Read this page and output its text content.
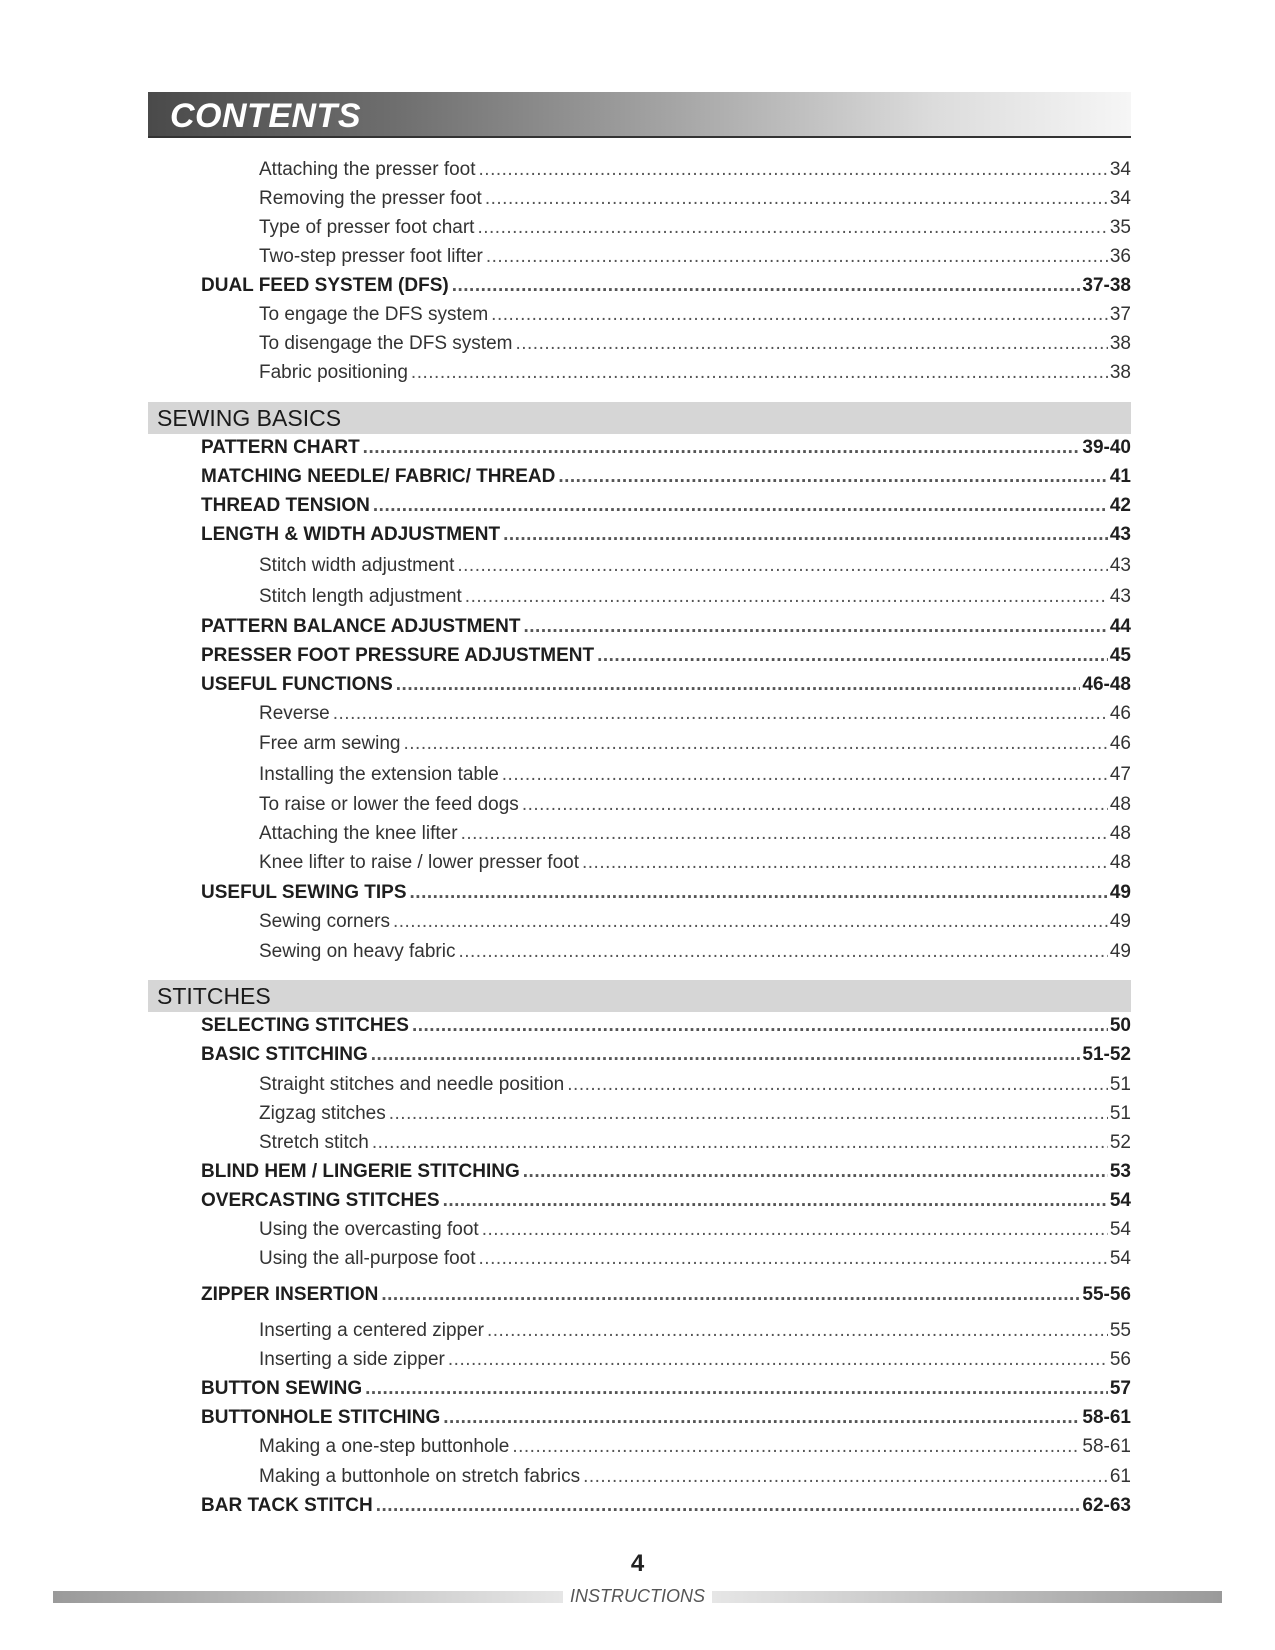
CONTENTS
Attaching the presser foot .....	34
Removing the presser foot .....	34
Type of presser foot chart .....	35
Two-step presser foot lifter .....	36
DUAL FEED SYSTEM (DFS) .....	37-38
To engage the DFS system .....	37
To disengage the DFS system .....	38
Fabric positioning .....	38
SEWING BASICS
PATTERN CHART .....	39-40
MATCHING NEEDLE/ FABRIC/ THREAD .....	41
THREAD TENSION .....	42
LENGTH & WIDTH ADJUSTMENT .....	43
Stitch width adjustment .....	43
Stitch length adjustment .....	43
PATTERN BALANCE ADJUSTMENT .....	44
PRESSER FOOT PRESSURE ADJUSTMENT .....	45
USEFUL FUNCTIONS .....	46-48
Reverse .....	46
Free arm sewing .....	46
Installing the extension table .....	47
To raise or lower the feed dogs .....	48
Attaching the knee lifter .....	48
Knee lifter to raise / lower presser foot .....	48
USEFUL SEWING TIPS .....	49
Sewing corners .....	49
Sewing on heavy fabric .....	49
STITCHES
SELECTING STITCHES .....	50
BASIC STITCHING .....	51-52
Straight stitches and needle position .....	51
Zigzag stitches .....	51
Stretch stitch .....	52
BLIND HEM / LINGERIE STITCHING .....	53
OVERCASTING STITCHES .....	54
Using the overcasting foot .....	54
Using the all-purpose foot .....	54
ZIPPER INSERTION .....	55-56
Inserting a centered zipper .....	55
Inserting a side zipper .....	56
BUTTON SEWING .....	57
BUTTONHOLE STITCHING .....	58-61
Making a one-step buttonhole .....	58-61
Making a buttonhole on stretch fabrics .....	61
BAR TACK STITCH .....	62-63
4
INSTRUCTIONS
